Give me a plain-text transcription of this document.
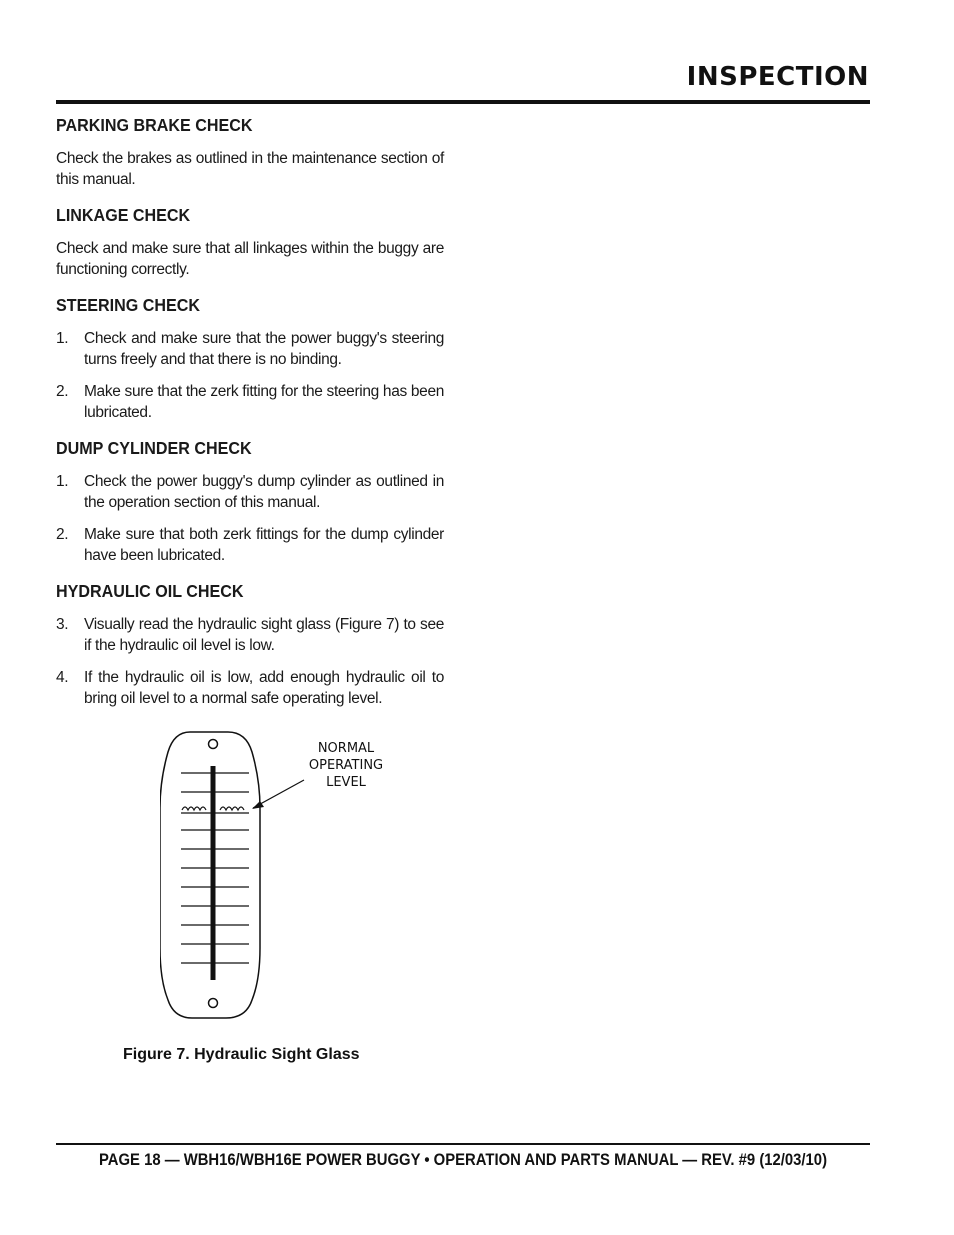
INSPECTION
PARKING BRAKE CHECK

Check the brakes as outlined in the maintenance section of this manual.

LINKAGE CHECK

Check and make sure that all linkages within the buggy are functioning correctly.

STEERING CHECK
1.	Check and make sure that the power buggy's steering turns freely and that there is no binding.
2.	Make sure that the zerk fitting for the steering has been lubricated.
DUMP CYLINDER CHECK
1.	Check the power buggy's dump cylinder as outlined in the operation section of this manual.
2.	Make sure that both zerk fittings for the dump cylinder have been lubricated.
HYDRAULIC OIL CHECK
3.	Visually read the hydraulic sight glass (Figure 7) to see if the hydraulic oil level is low.
4.	If the hydraulic oil is low, add enough hydraulic oil to bring oil level to a normal safe operating level.
NORMAL
OPERATING
LEVEL

Figure 7. Hydraulic Sight Glass

PAGE 18 — WBH16/WBH16E POWER BUGGY • OPERATION AND PARTS MANUAL — REV. #9 (12/03/10)
